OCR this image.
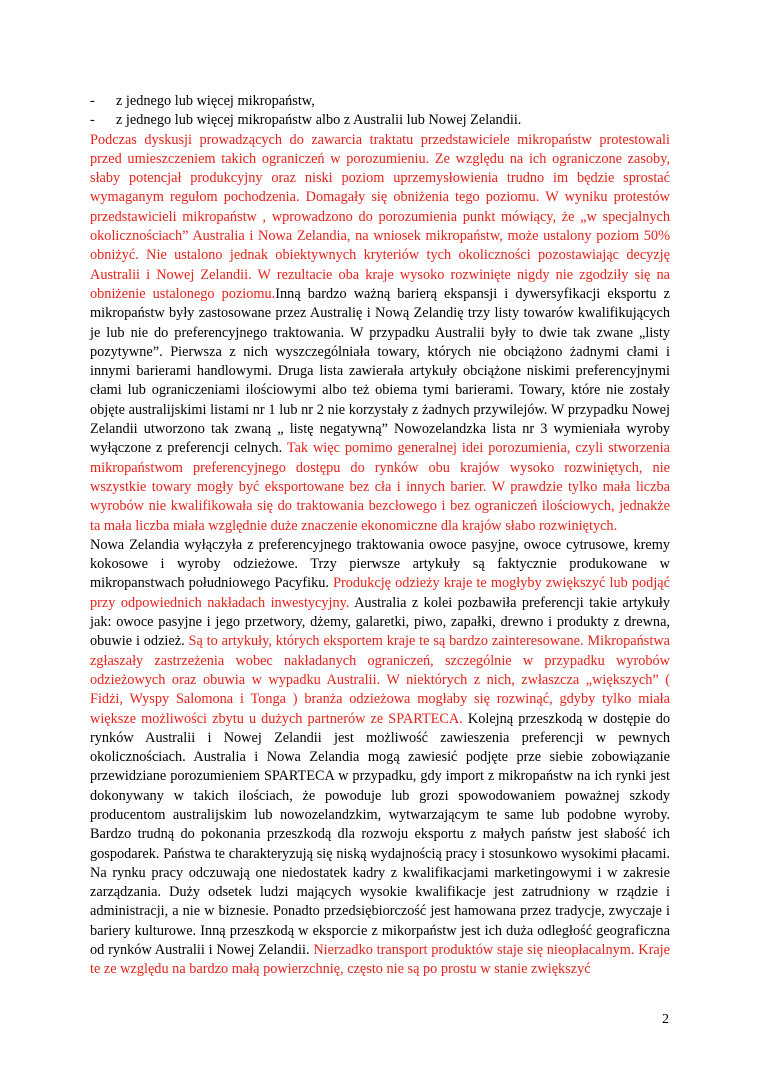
- z jednego lub więcej mikropaństw,
- z jednego lub więcej mikropaństw albo z Australii lub Nowej Zelandii.

Podczas dyskusji prowadzących do zawarcia traktatu przedstawiciele mikropaństw protestowali przed umieszczeniem takich ograniczeń w porozumieniu. Ze względu na ich ograniczone zasoby, słaby potencjał produkcyjny oraz niski poziom uprzemysłowienia trudno im będzie sprostać wymaganym regułom pochodzenia. Domagały się obniżenia tego poziomu. W wyniku protestów przedstawicieli mikropaństw , wprowadzono do porozumienia punkt mówiący, że „w specjalnych okolicznościach” Australia i Nowa Zelandia, na wniosek mikropaństw, może ustalony poziom 50% obniżyć. Nie ustalono jednak obiektywnych kryteriów tych okoliczności pozostawiając decyzję Australii i Nowej Zelandii. W rezultacie oba kraje wysoko rozwinięte nigdy nie zgodziły się na obniżenie ustalonego poziomu.Inną bardzo ważną barierą ekspansji i dywersyfikacji eksportu z mikropaństw były zastosowane przez Australię i Nową Zelandię trzy listy towarów kwalifikujących je lub nie do preferencyjnego traktowania. W przypadku Australii były to dwie tak zwane „listy pozytywne”. Pierwsza z nich wyszczególniała towary, których nie obciążono żadnymi cłami i innymi barierami handlowymi. Druga lista zawierała artykuły obciążone niskimi preferencyjnymi cłami lub ograniczeniami ilościowymi albo też obiema tymi barierami. Towary, które nie zostały objęte australijskimi listami nr 1 lub nr 2 nie korzystały z żadnych przywilejów. W przypadku Nowej Zelandii utworzono tak zwaną „ listę negatywną” Nowozelandzka lista nr 3 wymieniała wyroby wyłączone z preferencji celnych. Tak więc pomimo generalnej idei porozumienia, czyli stworzenia mikropaństwom preferencyjnego dostępu do rynków obu krajów wysoko rozwiniętych, nie wszystkie towary mogły być eksportowane bez cła i innych barier. W prawdzie tylko mała liczba wyrobów nie kwalifikowała się do traktowania bezcłowego i bez ograniczeń ilościowych, jednakże ta mała liczba miała względnie duże znaczenie ekonomiczne dla krajów słabo rozwiniętych.

Nowa Zelandia wyłączyła z preferencyjnego traktowania owoce pasyjne, owoce cytrusowe, kremy kokosowe i wyroby odzieżowe. Trzy pierwsze artykuły są faktycznie produkowane w mikropanstwach południowego Pacyfiku. Produkcję odzieży kraje te mogłyby zwiększyć lub podjąć przy odpowiednich nakładach inwestycyjny. Australia z kolei pozbawiła preferencji takie artykuły jak: owoce pasyjne i jego przetwory, dżemy, galaretki, piwo, zapałki, drewno i produkty z drewna, obuwie i odzież. Są to artykuły, których eksportem kraje te są bardzo zainteresowane. Mikropaństwa zgłaszały zastrzeżenia wobec nakładanych ograniczeń, szczególnie w przypadku wyrobów odzieżowych oraz obuwia w wypadku Australii. W niektórych z nich, zwłaszcza „większych” ( Fidżi, Wyspy Salomona i Tonga ) branża odzieżowa mogłaby się rozwinąć, gdyby tylko miała większe możliwości zbytu u dużych partnerów ze SPARTECA. Kolejną przeszkodą w dostępie do rynków Australii i Nowej Zelandii jest możliwość zawieszenia preferencji w pewnych okolicznościach. Australia i Nowa Zelandia mogą zawiesić podjęte prze siebie zobowiązanie przewidziane porozumieniem SPARTECA w przypadku, gdy import z mikropaństw na ich rynki jest dokonywany w takich ilościach, że powoduje lub grozi spowodowaniem poważnej szkody producentom australijskim lub nowozelandzkim, wytwarzającym te same lub podobne wyroby. Bardzo trudną do pokonania przeszkodą dla rozwoju eksportu z małych państw jest słabość ich gospodarek. Państwa te charakteryzują się niską wydajnością pracy i stosunkowo wysokimi płacami. Na rynku pracy odczuwają one niedostatek kadry z kwalifikacjami marketingowymi i w zakresie zarządzania. Duży odsetek ludzi mających wysokie kwalifikacje jest zatrudniony w rządzie i administracji, a nie w biznesie. Ponadto przedsiębiorczość jest hamowana przez tradycje, zwyczaje i bariery kulturowe. Inną przeszkodą w eksporcie z mikorpaństw jest ich duża odległość geograficzna od rynków Australii i Nowej Zelandii. Nierzadko transport produktów staje się nieopłacalnym. Kraje te ze względu na bardzo małą powierzchnię, często nie są po prostu w stanie zwiększyć

2
